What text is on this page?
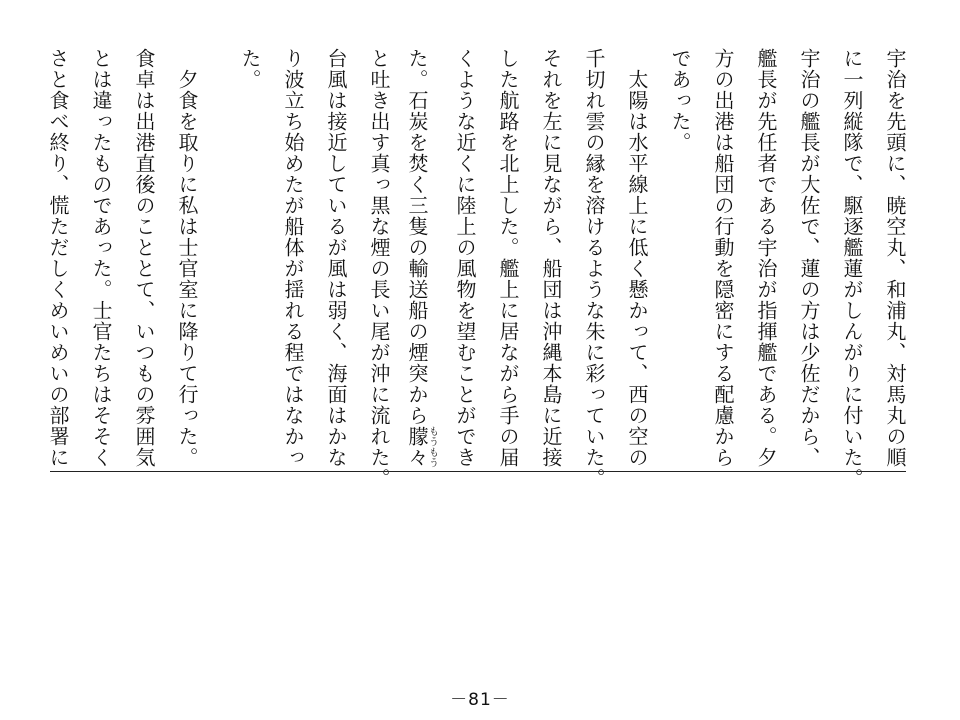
宇治を先頭に、暁空丸、和浦丸、対馬丸の順
に一列縦隊で、駆逐艦蓮がしんがりに付いた。
宇治の艦長が大佐で、蓮の方は少佐だから、
艦長が先任者である宇治が指揮艦である。夕
方の出港は船団の行動を隠密にする配慮から
であった。
　太陽は水平線上に低く懸かって、西の空の
千切れ雲の縁を溶けるような朱に彩っていた。
それを左に見ながら、船団は沖縄本島に近接
した航路を北上した。艦上に居ながら手の届
くような近くに陸上の風物を望むことができ
た。石炭を焚く三隻の輸送船の煙突から朦々もうもう
と吐き出す真っ黒な煙の長い尾が沖に流れた。
台風は接近しているが風は弱く、海面はかな
り波立ち始めたが船体が揺れる程ではなかっ
た。
　夕食を取りに私は士官室に降りて行った。
食卓は出港直後のこととて、いつもの雰囲気
とは違ったものであった。士官たちはそそく
さと食べ終り、慌ただしくめいめいの部署に
－81－
